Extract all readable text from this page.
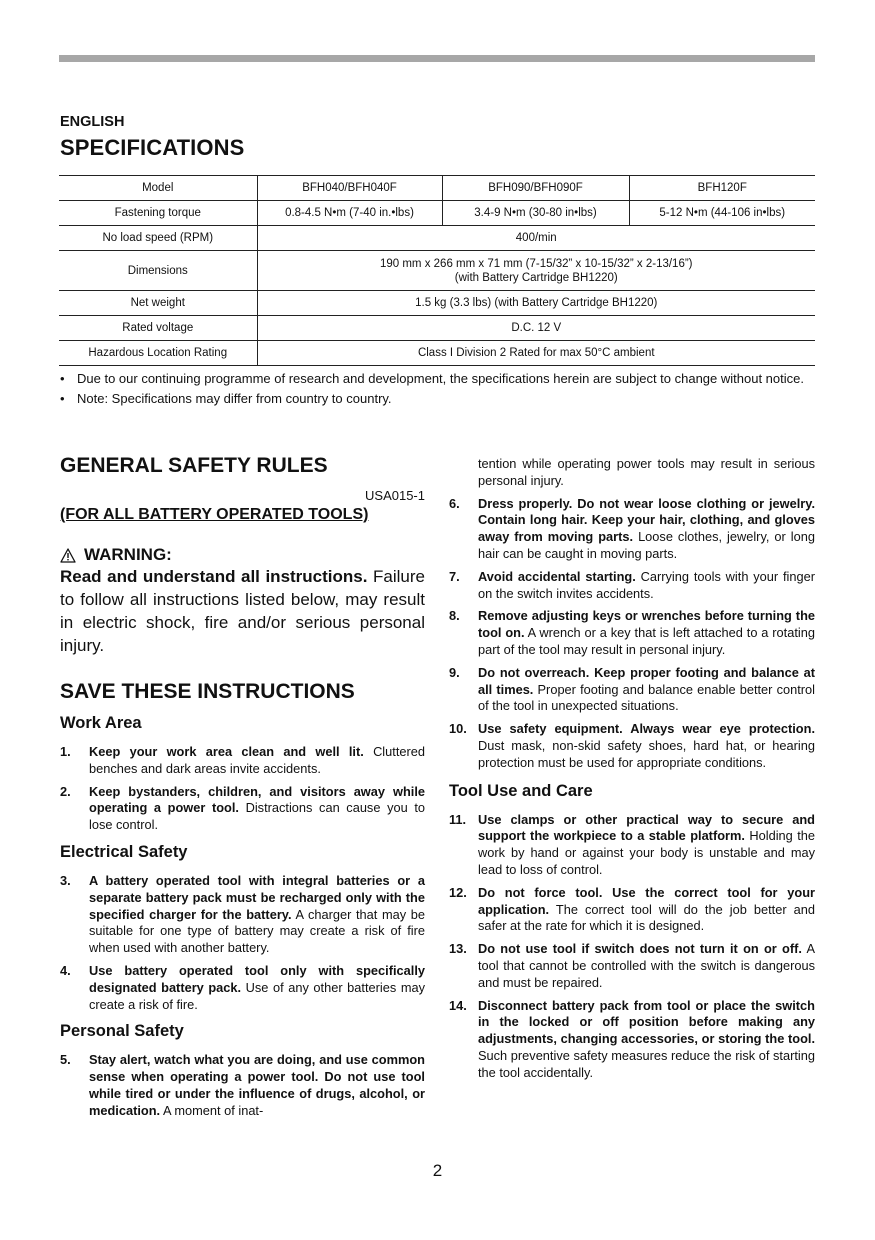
ENGLISH
SPECIFICATIONS
Model	BFH040/BFH040F	BFH090/BFH090F	BFH120F
Fastening torque	0.8-4.5 N•m (7-40 in.•lbs)	3.4-9 N•m (30-80 in•lbs)	5-12 N•m (44-106 in•lbs)
No load speed (RPM)	400/min		
Dimensions	190 mm x 266 mm x 71 mm (7-15/32” x 10-15/32” x 2-13/16”)
(with Battery Cartridge BH1220)		

Net weight	1.5 kg (3.3 lbs) (with Battery Cartridge BH1220)		
Rated voltage	D.C. 12 V		
Hazardous Location Rating	Class I Division 2 Rated for max 50°C ambient		
• Due to our continuing programme of research and development, the specifications herein are subject to change without notice.
• Note: Specifications may differ from country to country.
GENERAL SAFETY RULES
USA015-1
(FOR ALL BATTERY OPERATED TOOLS)
WARNING:
Read and understand all instructions. Failure to follow all instructions listed below, may result in electric shock, fire and/or serious personal injury.
SAVE THESE INSTRUCTIONS
Work Area
1. Keep your work area clean and well lit. Cluttered benches and dark areas invite accidents.
2. Keep bystanders, children, and visitors away while operating a power tool. Distractions can cause you to lose control.
Electrical Safety
3. A battery operated tool with integral batteries or a separate battery pack must be recharged only with the specified charger for the battery. A charger that may be suitable for one type of battery may create a risk of fire when used with another battery.
4. Use battery operated tool only with specifically designated battery pack. Use of any other batteries may create a risk of fire.
Personal Safety
5. Stay alert, watch what you are doing, and use common sense when operating a power tool. Do not use tool while tired or under the influence of drugs, alcohol, or medication. A moment of inat-
tention while operating power tools may result in serious personal injury.
6. Dress properly. Do not wear loose clothing or jewelry. Contain long hair. Keep your hair, clothing, and gloves away from moving parts. Loose clothes, jewelry, or long hair can be caught in moving parts.
7. Avoid accidental starting. Carrying tools with your finger on the switch invites accidents.
8. Remove adjusting keys or wrenches before turning the tool on. A wrench or a key that is left attached to a rotating part of the tool may result in personal injury.
9. Do not overreach. Keep proper footing and balance at all times. Proper footing and balance enable better control of the tool in unexpected situations.
10. Use safety equipment. Always wear eye protection. Dust mask, non-skid safety shoes, hard hat, or hearing protection must be used for appropriate conditions.
Tool Use and Care
11. Use clamps or other practical way to secure and support the workpiece to a stable platform. Holding the work by hand or against your body is unstable and may lead to loss of control.
12. Do not force tool. Use the correct tool for your application. The correct tool will do the job better and safer at the rate for which it is designed.
13. Do not use tool if switch does not turn it on or off. A tool that cannot be controlled with the switch is dangerous and must be repaired.
14. Disconnect battery pack from tool or place the switch in the locked or off position before making any adjustments, changing accessories, or storing the tool. Such preventive safety measures reduce the risk of starting the tool accidentally.
2
